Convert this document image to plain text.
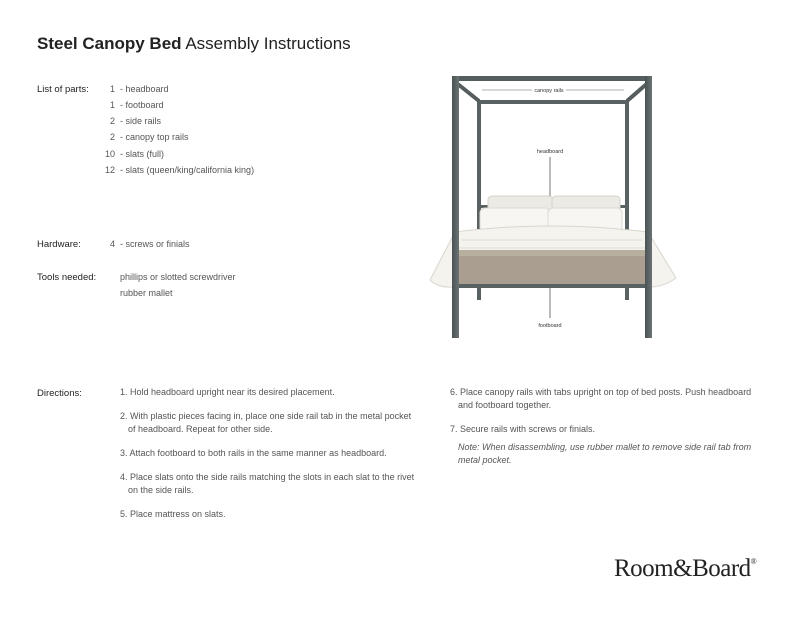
Steel Canopy Bed Assembly Instructions
List of parts:	1 - headboard
1 - footboard
2 - side rails
2 - canopy top rails
10 - slats (full)
12 - slats (queen/king/california king)
Hardware:	4 - screws or finials
Tools needed:	phillips or slotted screwdriver
rubber mallet
canopy rails
headboard
footboard
Directions:	1. Hold headboard upright near its desired placement.
2. With plastic pieces facing in, place one side rail tab in the metal pocket
of headboard. Repeat for other side.
3. Attach footboard to both rails in the same manner as headboard.
4. Place slats onto the side rails matching the slots in each slat to the rivet
on the side rails.
5. Place mattress on slats.
6. Place canopy rails with tabs upright on top of bed posts. Push headboard
and footboard together.
7. Secure rails with screws or finials.
Note: When disassembling, use rubber mallet to remove side rail tab from
metal pocket.
Room&Board®
